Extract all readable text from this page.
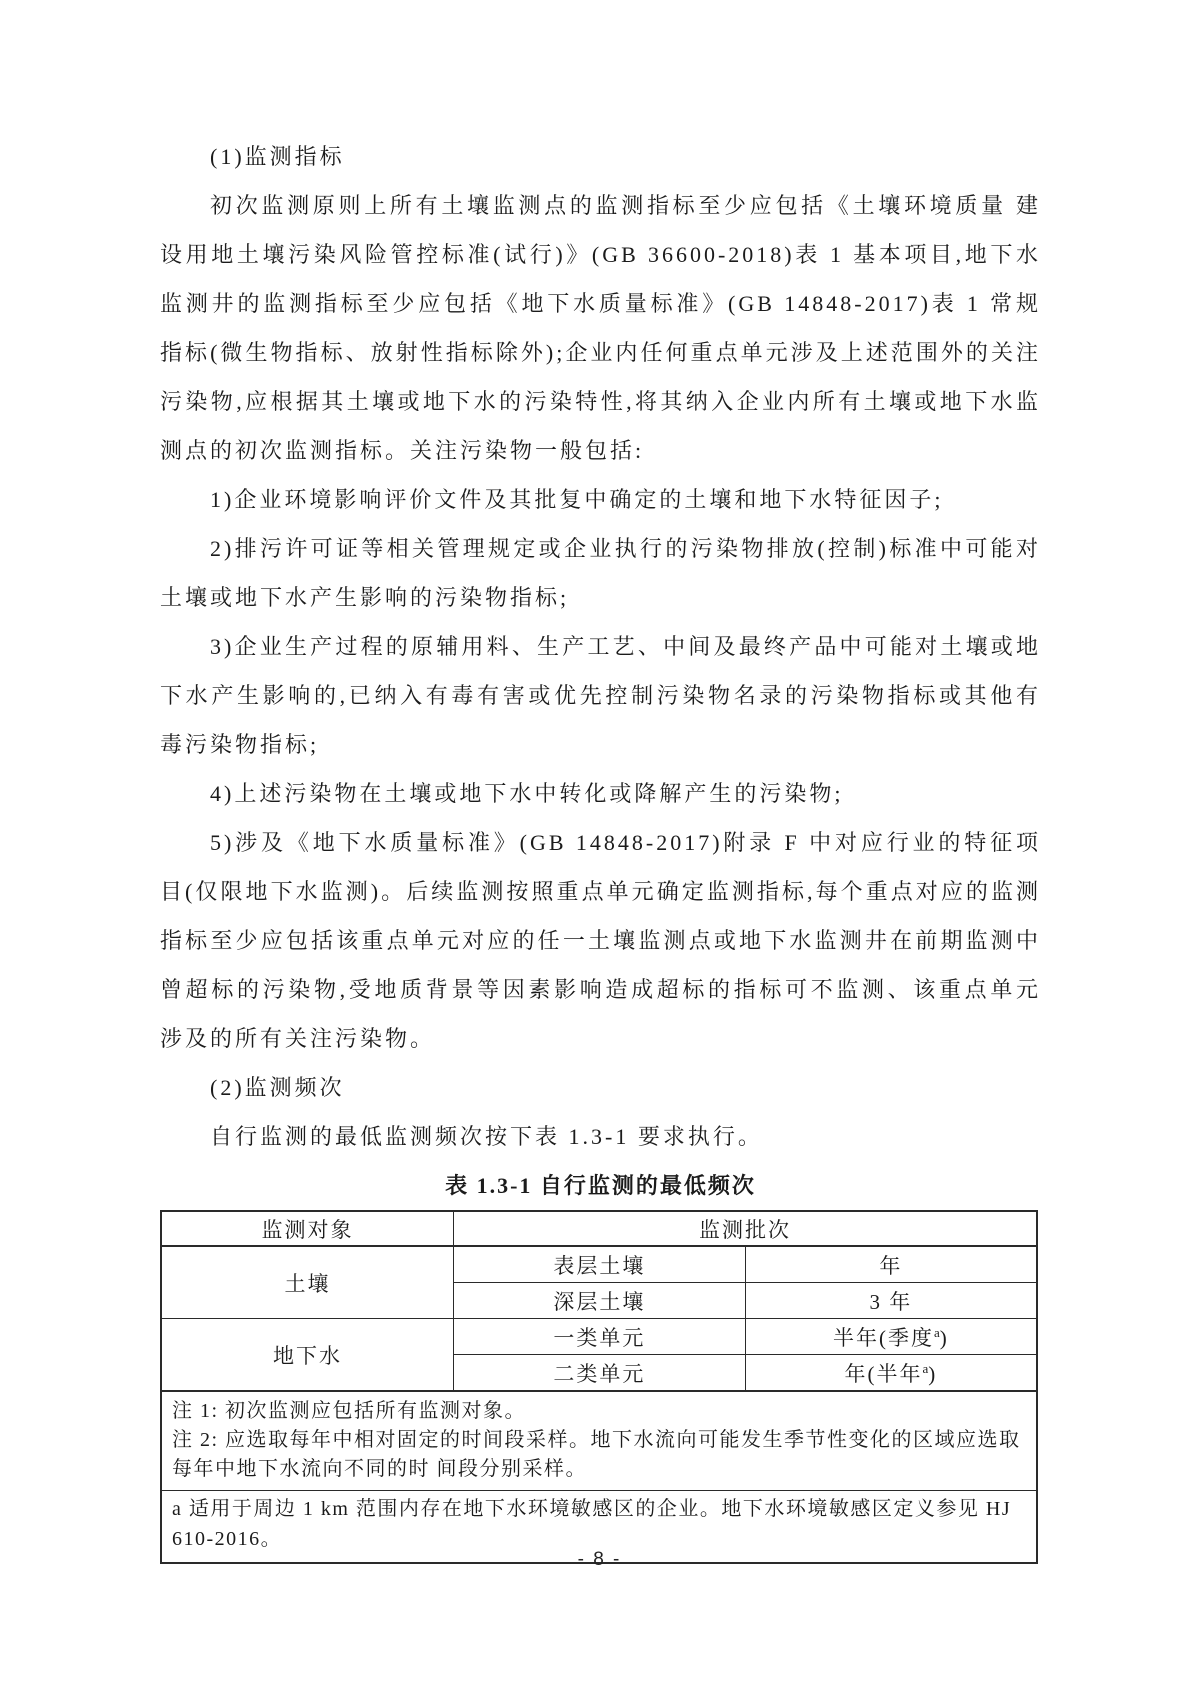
(1)监测指标

初次监测原则上所有土壤监测点的监测指标至少应包括《土壤环境质量 建设用地土壤污染风险管控标准(试行)》(GB 36600-2018)表 1 基本项目,地下水监测井的监测指标至少应包括《地下水质量标准》(GB 14848-2017)表 1 常规指标(微生物指标、放射性指标除外);企业内任何重点单元涉及上述范围外的关注污染物,应根据其土壤或地下水的污染特性,将其纳入企业内所有土壤或地下水监测点的初次监测指标。关注污染物一般包括:

1)企业环境影响评价文件及其批复中确定的土壤和地下水特征因子;

2)排污许可证等相关管理规定或企业执行的污染物排放(控制)标准中可能对土壤或地下水产生影响的污染物指标;

3)企业生产过程的原辅用料、生产工艺、中间及最终产品中可能对土壤或地下水产生影响的,已纳入有毒有害或优先控制污染物名录的污染物指标或其他有毒污染物指标;

4)上述污染物在土壤或地下水中转化或降解产生的污染物;

5)涉及《地下水质量标准》(GB 14848-2017)附录 F 中对应行业的特征项目(仅限地下水监测)。后续监测按照重点单元确定监测指标,每个重点对应的监测指标至少应包括该重点单元对应的任一土壤监测点或地下水监测井在前期监测中曾超标的污染物,受地质背景等因素影响造成超标的指标可不监测、该重点单元涉及的所有关注污染物。

(2)监测频次

自行监测的最低监测频次按下表 1.3-1 要求执行。

表 1.3-1 自行监测的最低频次
监测对象	监测批次	
土壤	表层土壤	年
	深层土壤	3 年
地下水	一类单元	半年(季度$^a$)
	二类单元	年(半年$^a$)

注 1: 初次监测应包括所有监测对象。
注 2: 应选取每年中相对固定的时间段采样。地下水流向可能发生季节性变化的区域应选取每年中地下水流向不同的时 间段分别采样。		

a 适用于周边 1 km 范围内存在地下水环境敏感区的企业。地下水环境敏感区定义参见 HJ 610-2016。		
- 8 -
